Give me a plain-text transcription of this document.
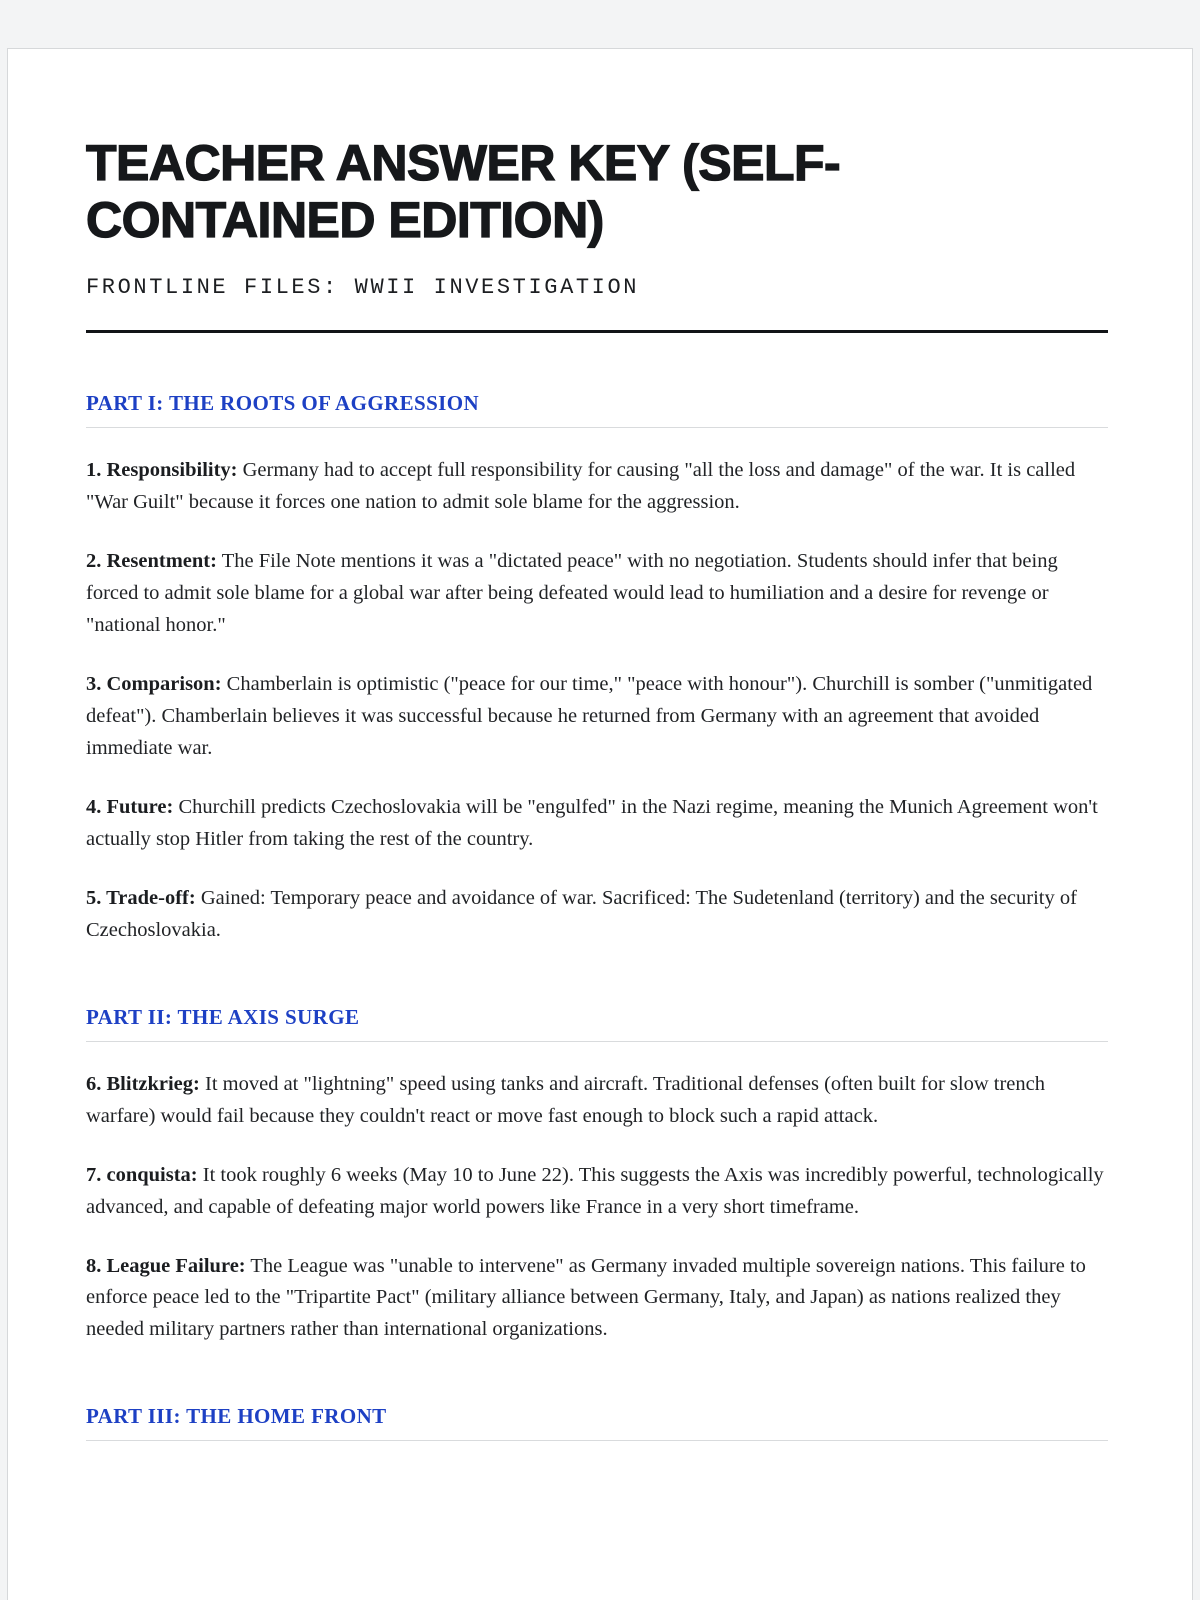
TEACHER ANSWER KEY (SELF-CONTAINED EDITION)
FRONTLINE FILES: WWII INVESTIGATION
PART I: THE ROOTS OF AGGRESSION

1. Responsibility: Germany had to accept full responsibility for causing "all the loss and damage" of the war. It is called "War Guilt" because it forces one nation to admit sole blame for the aggression.

2. Resentment: The File Note mentions it was a "dictated peace" with no negotiation. Students should infer that being forced to admit sole blame for a global war after being defeated would lead to humiliation and a desire for revenge or "national honor."

3. Comparison: Chamberlain is optimistic ("peace for our time," "peace with honour"). Churchill is somber ("unmitigated defeat"). Chamberlain believes it was successful because he returned from Germany with an agreement that avoided immediate war.

4. Future: Churchill predicts Czechoslovakia will be "engulfed" in the Nazi regime, meaning the Munich Agreement won't actually stop Hitler from taking the rest of the country.

5. Trade-off: Gained: Temporary peace and avoidance of war. Sacrificed: The Sudetenland (territory) and the security of Czechoslovakia.

PART II: THE AXIS SURGE

6. Blitzkrieg: It moved at "lightning" speed using tanks and aircraft. Traditional defenses (often built for slow trench warfare) would fail because they couldn't react or move fast enough to block such a rapid attack.

7. conquista: It took roughly 6 weeks (May 10 to June 22). This suggests the Axis was incredibly powerful, technologically advanced, and capable of defeating major world powers like France in a very short timeframe.

8. League Failure: The League was "unable to intervene" as Germany invaded multiple sovereign nations. This failure to enforce peace led to the "Tripartite Pact" (military alliance between Germany, Italy, and Japan) as nations realized they needed military partners rather than international organizations.

PART III: THE HOME FRONT
